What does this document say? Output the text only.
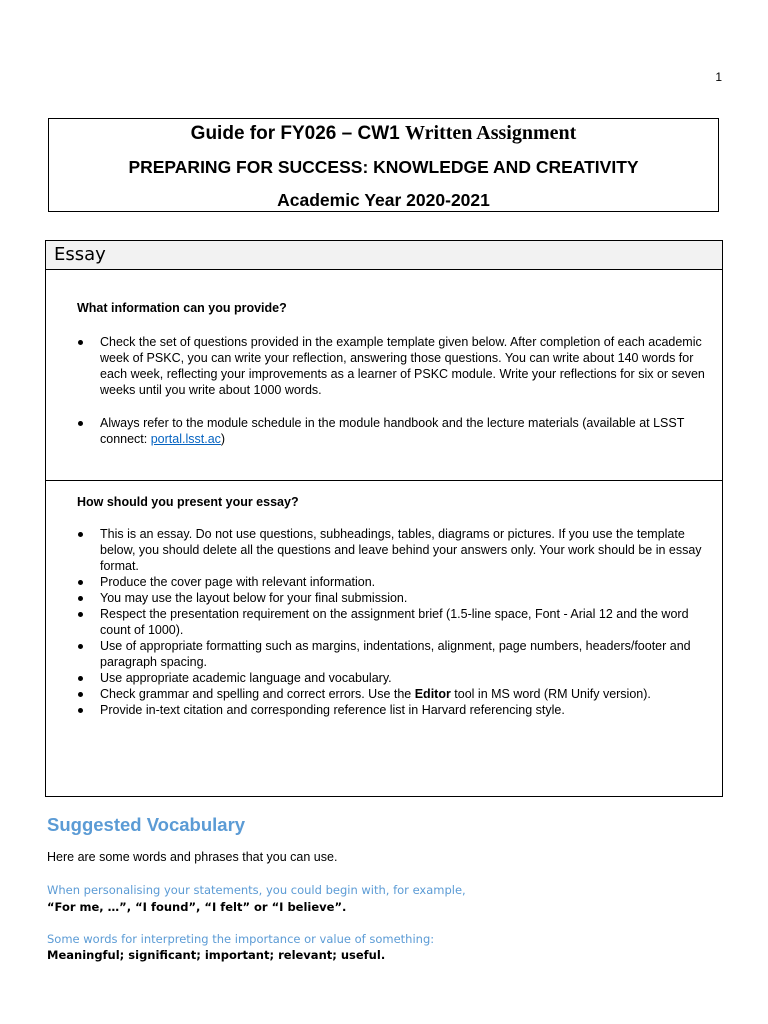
1
Guide for FY026 – CW1 Written Assignment
PREPARING FOR SUCCESS: KNOWLEDGE AND CREATIVITY
Academic Year 2020-2021
Essay
What information can you provide?
Check the set of questions provided in the example template given below. After completion of each academic week of PSKC, you can write your reflection, answering those questions. You can write about 140 words for each week, reflecting your improvements as a learner of PSKC module. Write your reflections for six or seven weeks until you write about 1000 words.
Always refer to the module schedule in the module handbook and the lecture materials (available at LSST connect: portal.lsst.ac)
How should you present your essay?
This is an essay. Do not use questions, subheadings, tables, diagrams or pictures. If you use the template below, you should delete all the questions and leave behind your answers only. Your work should be in essay format.
Produce the cover page with relevant information.
You may use the layout below for your final submission.
Respect the presentation requirement on the assignment brief (1.5-line space, Font - Arial 12 and the word count of 1000).
Use of appropriate formatting such as margins, indentations, alignment, page numbers, headers/footer and paragraph spacing.
Use appropriate academic language and vocabulary.
Check grammar and spelling and correct errors. Use the Editor tool in MS word (RM Unify version).
Provide in-text citation and corresponding reference list in Harvard referencing style.
Suggested Vocabulary
Here are some words and phrases that you can use.
When personalising your statements, you could begin with, for example,
“For me, …”, “I found”, “I felt” or “I believe”.
Some words for interpreting the importance or value of something:
Meaningful; significant; important; relevant; useful.
